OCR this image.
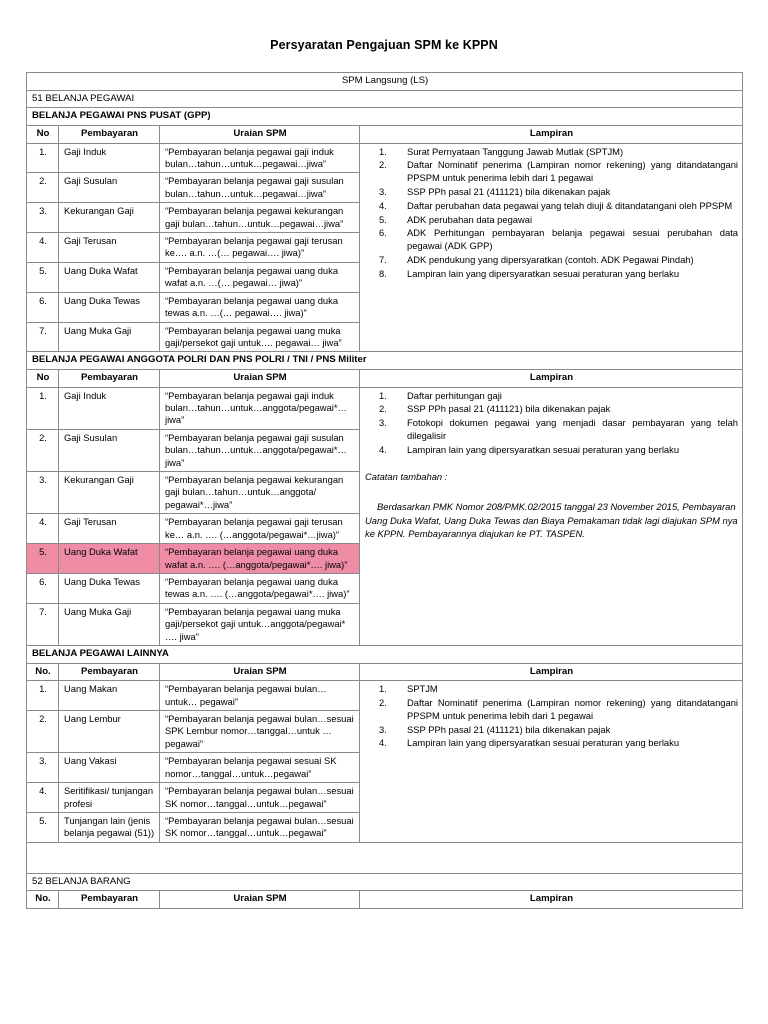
Persyaratan Pengajuan SPM ke KPPN
SPM Langsung (LS)			
51 BELANJA PEGAWAI			
BELANJA PEGAWAI PNS PUSAT (GPP)			
No	Pembayaran	Uraian SPM	Lampiran
1.	Gaji Induk	“Pembayaran belanja pegawai gaji induk bulan…tahun…untuk…pegawai…jiwa”	
1. Surat Pernyataan Tanggung Jawab Mutlak (SPTJM)
2. Daftar Nominatif penerima (Lampiran nomor rekening) yang ditandatangani PPSPM untuk penerima lebih dari 1 pegawai
3. SSP PPh pasal 21 (411121) bila dikenakan pajak
4. Daftar perubahan data pegawai yang telah diuji & ditandatangani oleh PPSPM
5. ADK perubahan data pegawai
6. ADK Perhitungan pembayaran belanja pegawai sesuai perubahan data pegawai (ADK GPP)
7. ADK pendukung yang dipersyaratkan (contoh. ADK Pegawai Pindah)
8. Lampiran lain yang dipersyaratkan sesuai peraturan yang berlaku

2.	Gaji Susulan	“Pembayaran belanja pegawai gaji susulan bulan…tahun…untuk…pegawai…jiwa”	
3.	Kekurangan Gaji	“Pembayaran belanja pegawai kekurangan gaji bulan…tahun…untuk…pegawai…jiwa”	
4.	Gaji Terusan	“Pembayaran belanja pegawai gaji terusan ke…. a.n. …(… pegawai…. jiwa)”	
5.	Uang Duka Wafat	“Pembayaran belanja pegawai uang duka wafat a.n. …(… pegawai… jiwa)”	
6.	Uang Duka Tewas	“Pembayaran belanja pegawai uang duka tewas a.n. …(… pegawai…. jiwa)”	
7.	Uang Muka Gaji	“Pembayaran belanja pegawai uang muka gaji/persekot gaji untuk…. pegawai… jiwa”	
BELANJA PEGAWAI ANGGOTA POLRI DAN PNS POLRI / TNI / PNS Militer			
No	Pembayaran	Uraian SPM	Lampiran
1.	Gaji Induk	“Pembayaran belanja pegawai gaji induk bulan…tahun…untuk…anggota/pegawai*…jiwa”	
1. Daftar perhitungan gaji
2. SSP PPh pasal 21 (411121) bila dikenakan pajak
3. Fotokopi dokumen pegawai yang menjadi dasar pembayaran yang telah dilegalisir
4. Lampiran lain yang dipersyaratkan sesuai peraturan yang berlaku
Catatan tambahan :
Berdasarkan PMK Nomor 208/PMK.02/2015 tanggal 23 November 2015, Pembayaran Uang Duka Wafat, Uang Duka Tewas dan Biaya Pemakaman tidak lagi diajukan SPM nya ke KPPN. Pembayarannya diajukan ke PT. TASPEN.

2.	Gaji Susulan	“Pembayaran belanja pegawai gaji susulan bulan…tahun…untuk…anggota/pegawai*…jiwa”	
3.	Kekurangan Gaji	“Pembayaran belanja pegawai kekurangan gaji bulan…tahun…untuk…anggota/ pegawai*…jiwa”	
4.	Gaji Terusan	“Pembayaran belanja pegawai gaji terusan ke… a.n. …. (…anggota/pegawai*…jiwa)”	
5.	Uang Duka Wafat	“Pembayaran belanja pegawai uang duka wafat a.n. …. (…anggota/pegawai*…. jiwa)”	
6.	Uang Duka Tewas	“Pembayaran belanja pegawai uang duka tewas a.n. …. (…anggota/pegawai*…. jiwa)”	
7.	Uang Muka Gaji	“Pembayaran belanja pegawai uang muka gaji/persekot gaji untuk…anggota/pegawai* …. jiwa”	
BELANJA PEGAWAI LAINNYA			
No.	Pembayaran	Uraian SPM	Lampiran
1.	Uang Makan	“Pembayaran belanja pegawai bulan… untuk… pegawai”	
1. SPTJM
2. Daftar Nominatif penerima (Lampiran nomor rekening) yang ditandatangani PPSPM untuk penerima lebih dari 1 pegawai
3. SSP PPh pasal 21 (411121) bila dikenakan pajak
4. Lampiran lain yang dipersyaratkan sesuai peraturan yang berlaku

2.	Uang Lembur	“Pembayaran belanja pegawai bulan…sesuai SPK Lembur nomor…tanggal…untuk …pegawai”	
3.	Uang Vakasi	“Pembayaran belanja pegawai sesuai SK nomor…tanggal…untuk…pegawai”	
4.	Seritifikasi/ tunjangan profesi	“Pembayaran belanja pegawai bulan…sesuai SK nomor…tanggal…untuk…pegawai”	
5.	Tunjangan lain (jenis belanja pegawai (51))	“Pembayaran belanja pegawai bulan…sesuai SK nomor…tanggal…untuk…pegawai”	

52 BELANJA BARANG			
No.	Pembayaran	Uraian SPM	Lampiran
